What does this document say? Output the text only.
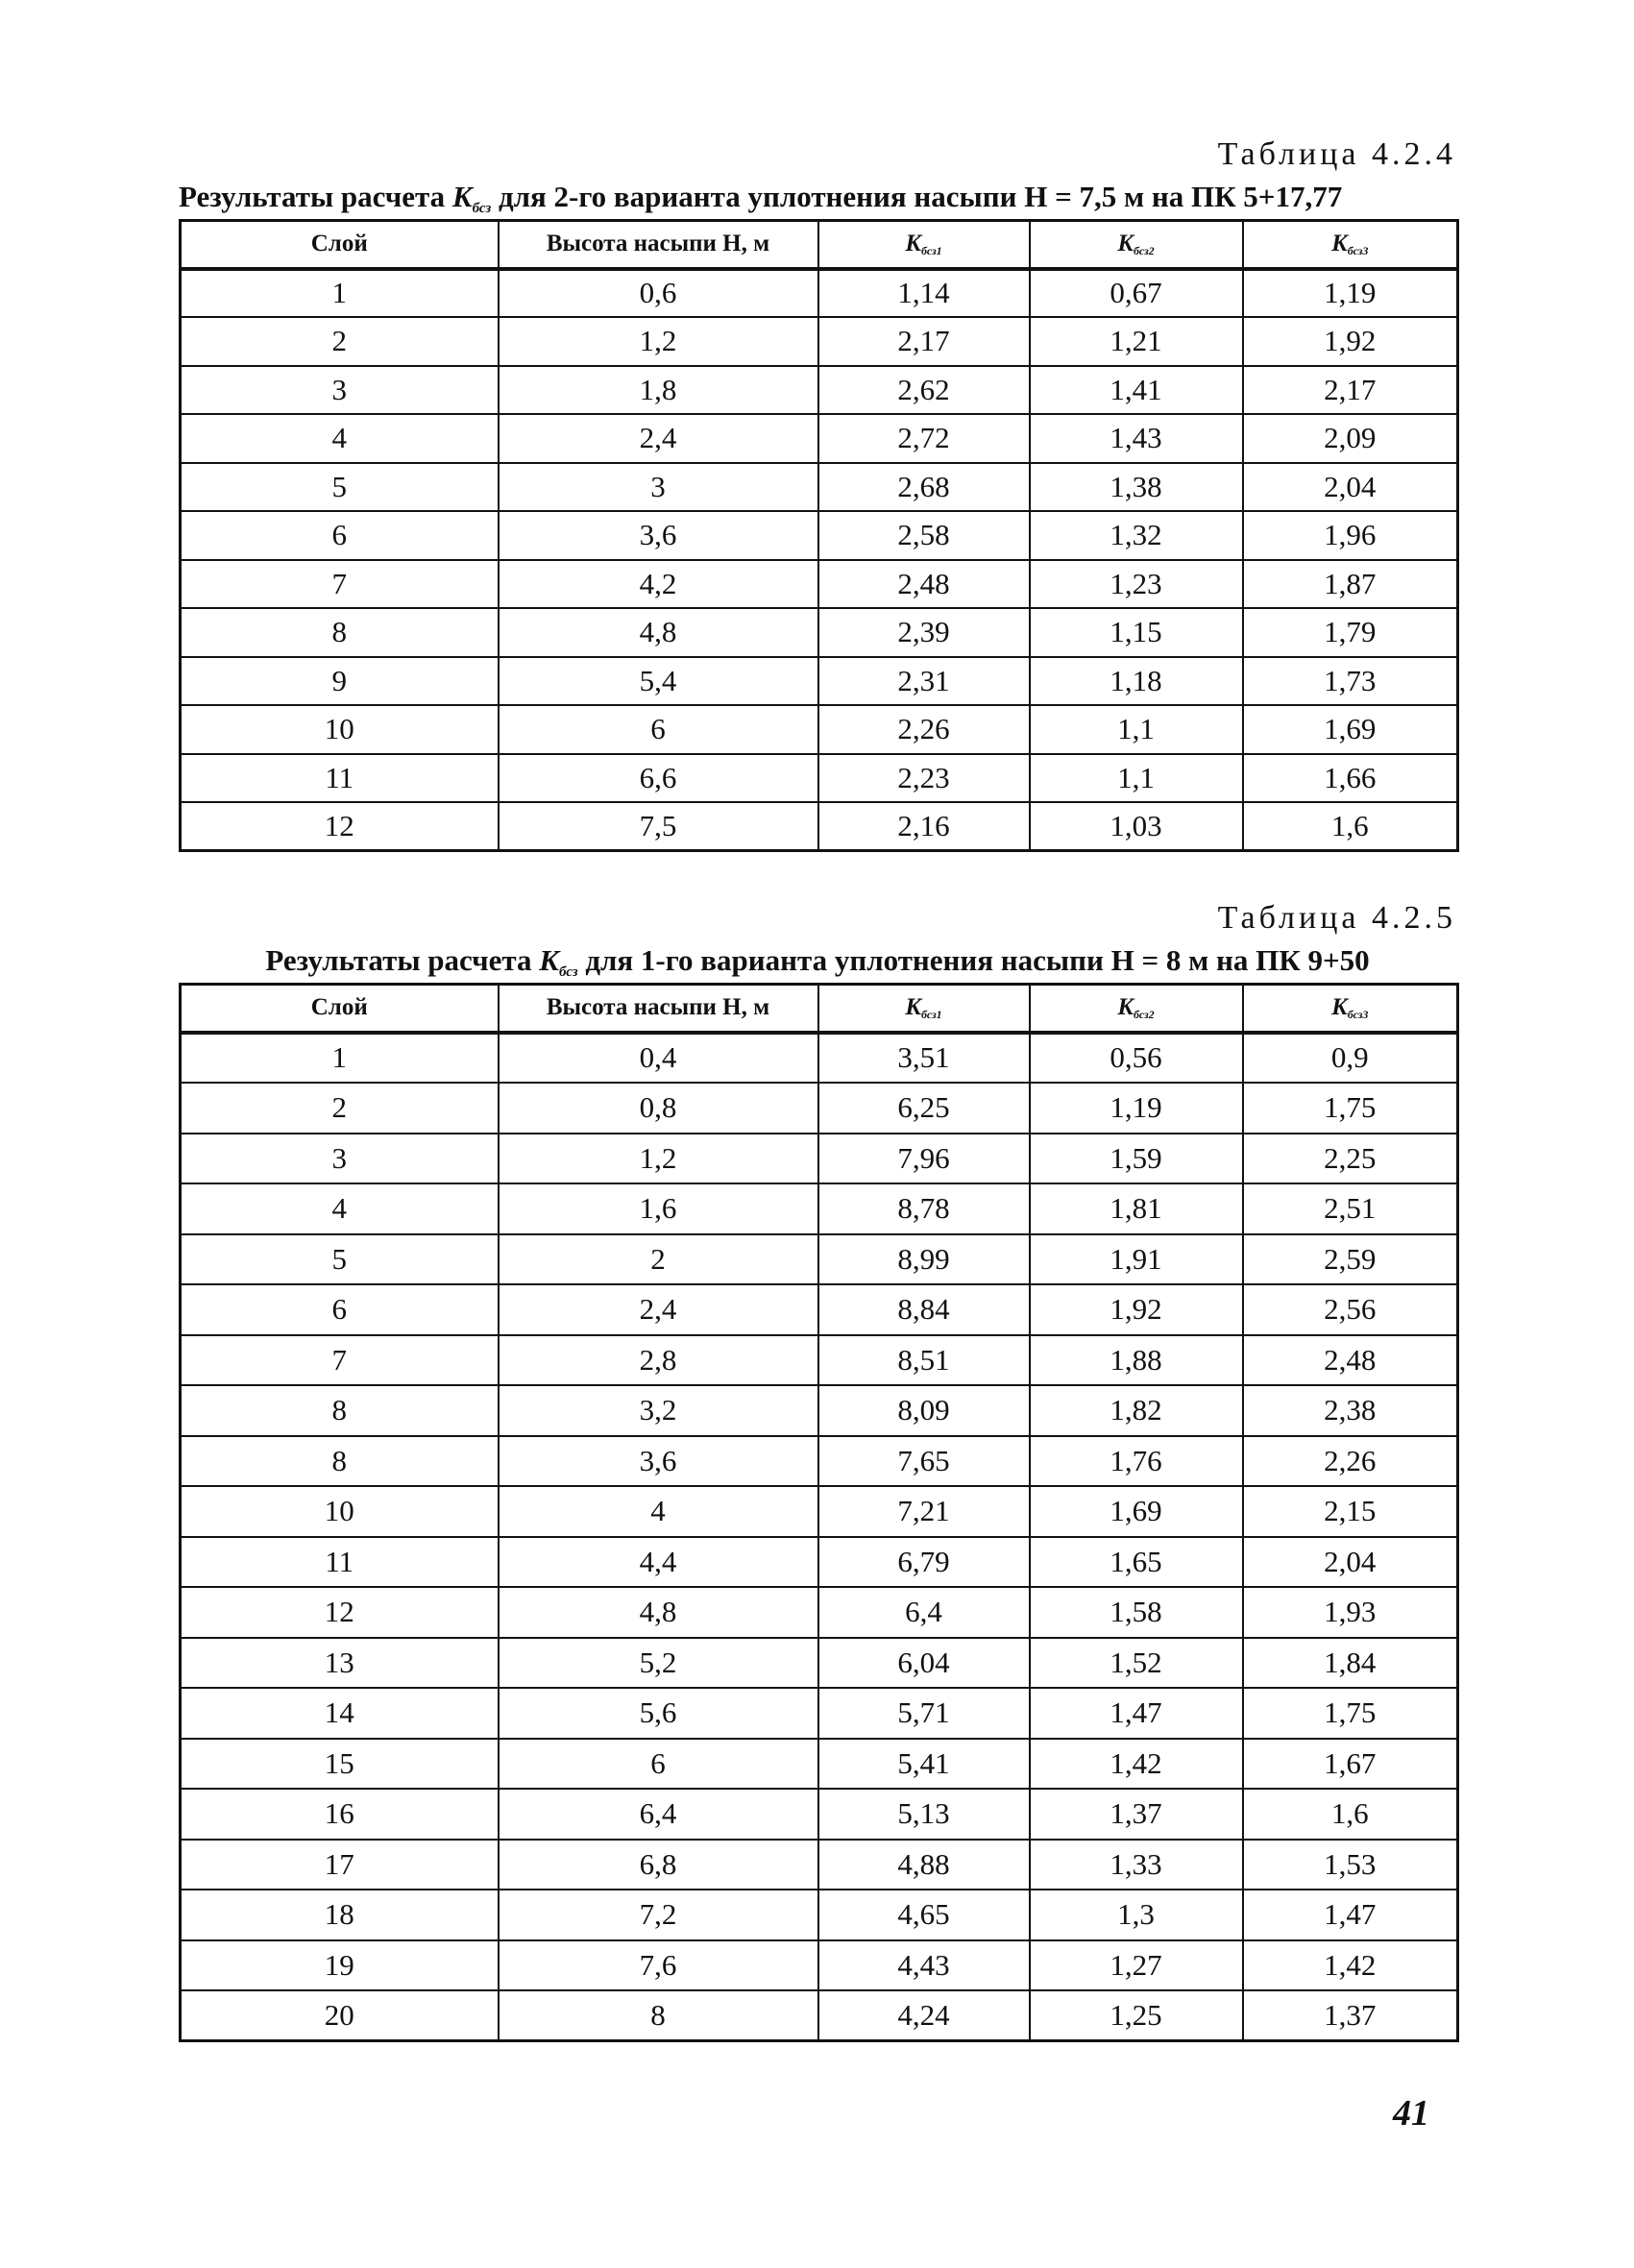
Таблица 4.2.4

Результаты расчета $K_{бсз}$ для 2-го варианта уплотнения насыпи H = 7,5 м на ПК 5+17,77

Слой	Высота насыпи H, м	$K_{бсз1}$	$K_{бсз2}$	$K_{бсз3}$
1	0,6	1,14	0,67	1,19
2	1,2	2,17	1,21	1,92
3	1,8	2,62	1,41	2,17
4	2,4	2,72	1,43	2,09
5	3	2,68	1,38	2,04
6	3,6	2,58	1,32	1,96
7	4,2	2,48	1,23	1,87
8	4,8	2,39	1,15	1,79
9	5,4	2,31	1,18	1,73
10	6	2,26	1,1	1,69
11	6,6	2,23	1,1	1,66
12	7,5	2,16	1,03	1,6

Таблица 4.2.5

Результаты расчета $K_{бсз}$ для 1-го варианта уплотнения насыпи H = 8 м на ПК 9+50

Слой	Высота насыпи H, м	$K_{бсз1}$	$K_{бсз2}$	$K_{бсз3}$
1	0,4	3,51	0,56	0,9
2	0,8	6,25	1,19	1,75
3	1,2	7,96	1,59	2,25
4	1,6	8,78	1,81	2,51
5	2	8,99	1,91	2,59
6	2,4	8,84	1,92	2,56
7	2,8	8,51	1,88	2,48
8	3,2	8,09	1,82	2,38
8	3,6	7,65	1,76	2,26
10	4	7,21	1,69	2,15
11	4,4	6,79	1,65	2,04
12	4,8	6,4	1,58	1,93
13	5,2	6,04	1,52	1,84
14	5,6	5,71	1,47	1,75
15	6	5,41	1,42	1,67
16	6,4	5,13	1,37	1,6
17	6,8	4,88	1,33	1,53
18	7,2	4,65	1,3	1,47
19	7,6	4,43	1,27	1,42
20	8	4,24	1,25	1,37
41
